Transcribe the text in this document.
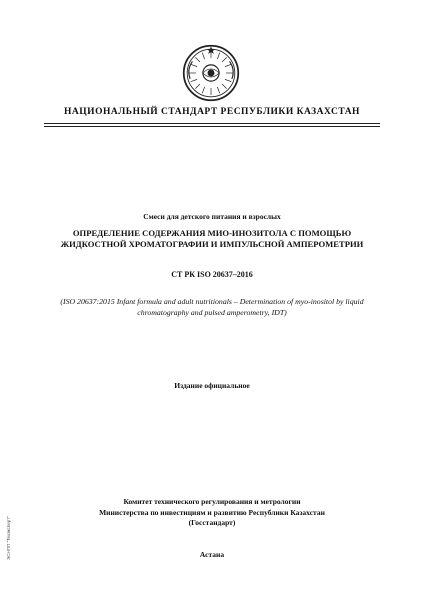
НАЦИОНАЛЬНЫЙ СТАНДАРТ РЕСПУБЛИКИ КАЗАХСТАН
Смеси для детского питания и взрослых
ОПРЕДЕЛЕНИЕ СОДЕРЖАНИЯ МИО-ИНОЗИТОЛА С ПОМОЩЬЮ
ЖИДКОСТНОЙ ХРОМАТОГРАФИИ И ИМПУЛЬСНОЙ АМПЕРОМЕТРИИ
СТ РК ISO 20637–2016
(ISO 20637:2015 Infant formula and adult nutritionals – Determination of myo-inositol by liquid
chromatography and pulsed amperometry, IDT)
Издание официальное
Комитет технического регулирования и метрологии
Министерства по инвестициям и развитию Республики Казахстан
(Госстандарт)
Астана
ЭСНПП "Техэксперт"
